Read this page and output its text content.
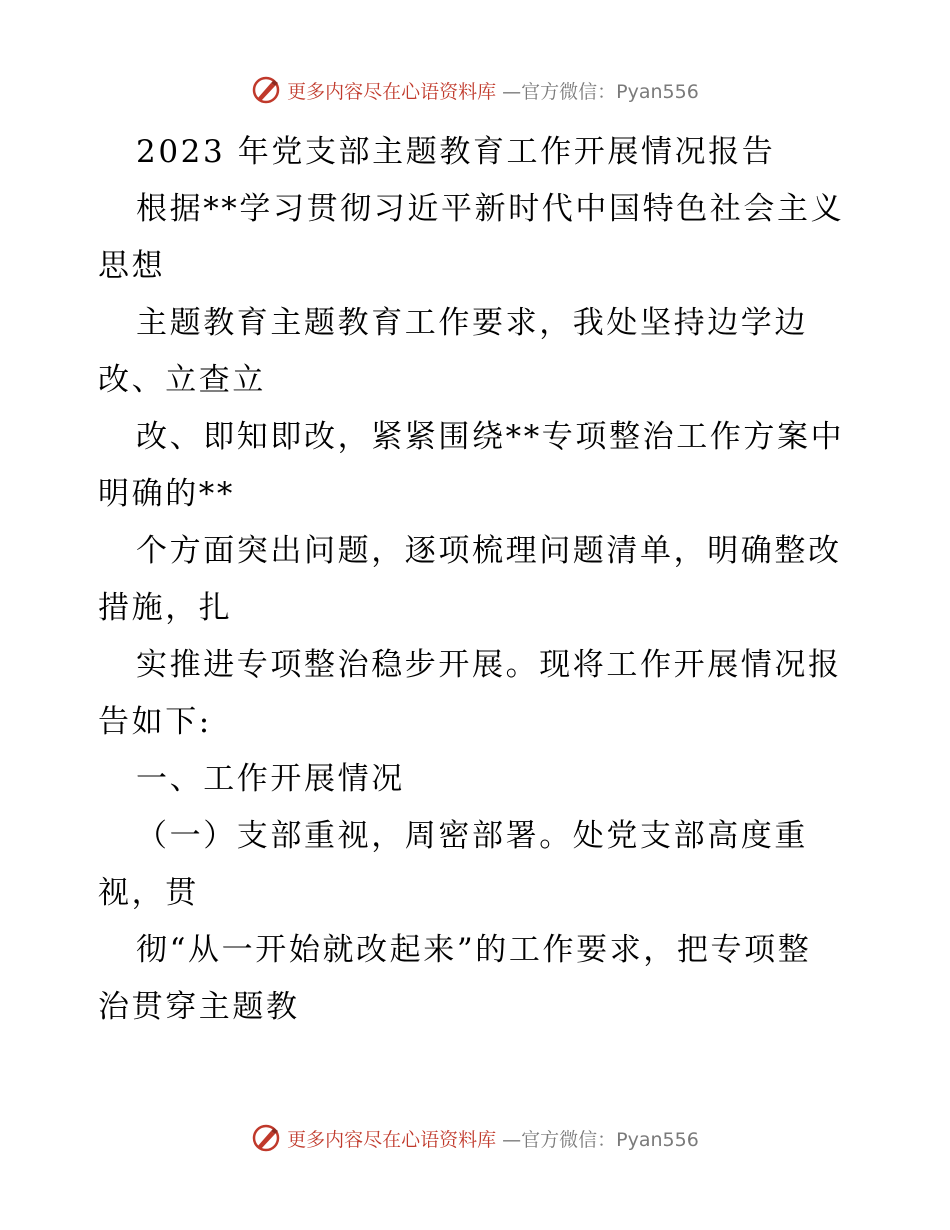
更多内容尽在心语资料库 —官方微信：Pyan556
2023 年党支部主题教育工作开展情况报告
根据**学习贯彻习近平新时代中国特色社会主义
思想
主题教育主题教育工作要求，我处坚持边学边
改、立查立
改、即知即改，紧紧围绕**专项整治工作方案中
明确的**
个方面突出问题，逐项梳理问题清单，明确整改
措施，扎
实推进专项整治稳步开展。现将工作开展情况报
告如下:
一、工作开展情况
（一）支部重视，周密部署。处党支部高度重
视，贯
彻“从一开始就改起来”的工作要求，把专项整
治贯穿主题教
更多内容尽在心语资料库 —官方微信：Pyan556
